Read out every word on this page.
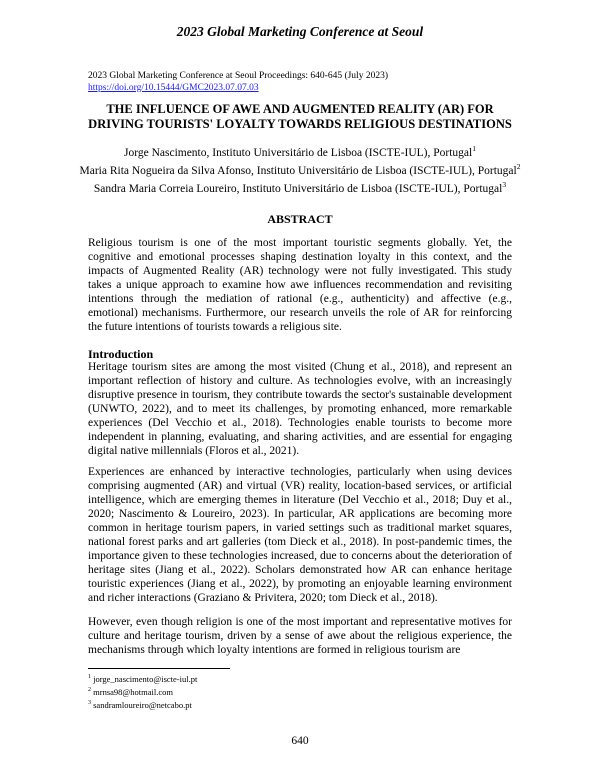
2023 Global Marketing Conference at Seoul
2023 Global Marketing Conference at Seoul Proceedings: 640-645 (July 2023)
https://doi.org/10.15444/GMC2023.07.07.03
THE INFLUENCE OF AWE AND AUGMENTED REALITY (AR) FOR
DRIVING TOURISTS' LOYALTY TOWARDS RELIGIOUS DESTINATIONS
Jorge Nascimento, Instituto Universitário de Lisboa (ISCTE-IUL), Portugal$^1$
Maria Rita Nogueira da Silva Afonso, Instituto Universitário de Lisboa (ISCTE-IUL), Portugal$^2$
Sandra Maria Correia Loureiro, Instituto Universitário de Lisboa (ISCTE-IUL), Portugal$^3$
ABSTRACT
Religious tourism is one of the most important touristic segments globally. Yet, the cognitive and emotional processes shaping destination loyalty in this context, and the impacts of Augmented Reality (AR) technology were not fully investigated. This study takes a unique approach to examine how awe influences recommendation and revisiting intentions through the mediation of rational (e.g., authenticity) and affective (e.g., emotional) mechanisms. Furthermore, our research unveils the role of AR for reinforcing the future intentions of tourists towards a religious site.
Introduction
Heritage tourism sites are among the most visited (Chung et al., 2018), and represent an important reflection of history and culture. As technologies evolve, with an increasingly disruptive presence in tourism, they contribute towards the sector's sustainable development (UNWTO, 2022), and to meet its challenges, by promoting enhanced, more remarkable experiences (Del Vecchio et al., 2018). Technologies enable tourists to become more independent in planning, evaluating, and sharing activities, and are essential for engaging digital native millennials (Floros et al., 2021).
Experiences are enhanced by interactive technologies, particularly when using devices comprising augmented (AR) and virtual (VR) reality, location-based services, or artificial intelligence, which are emerging themes in literature (Del Vecchio et al., 2018; Duy et al., 2020; Nascimento & Loureiro, 2023). In particular, AR applications are becoming more common in heritage tourism papers, in varied settings such as traditional market squares, national forest parks and art galleries (tom Dieck et al., 2018). In post-pandemic times, the importance given to these technologies increased, due to concerns about the deterioration of heritage sites (Jiang et al., 2022). Scholars demonstrated how AR can enhance heritage touristic experiences (Jiang et al., 2022), by promoting an enjoyable learning environment and richer interactions (Graziano & Privitera, 2020; tom Dieck et al., 2018).
However, even though religion is one of the most important and representative motives for culture and heritage tourism, driven by a sense of awe about the religious experience, the mechanisms through which loyalty intentions are formed in religious tourism are
$^1$ jorge_nascimento@iscte-iul.pt
$^2$ mrnsa98@hotmail.com
$^3$ sandramloureiro@netcabo.pt
640
